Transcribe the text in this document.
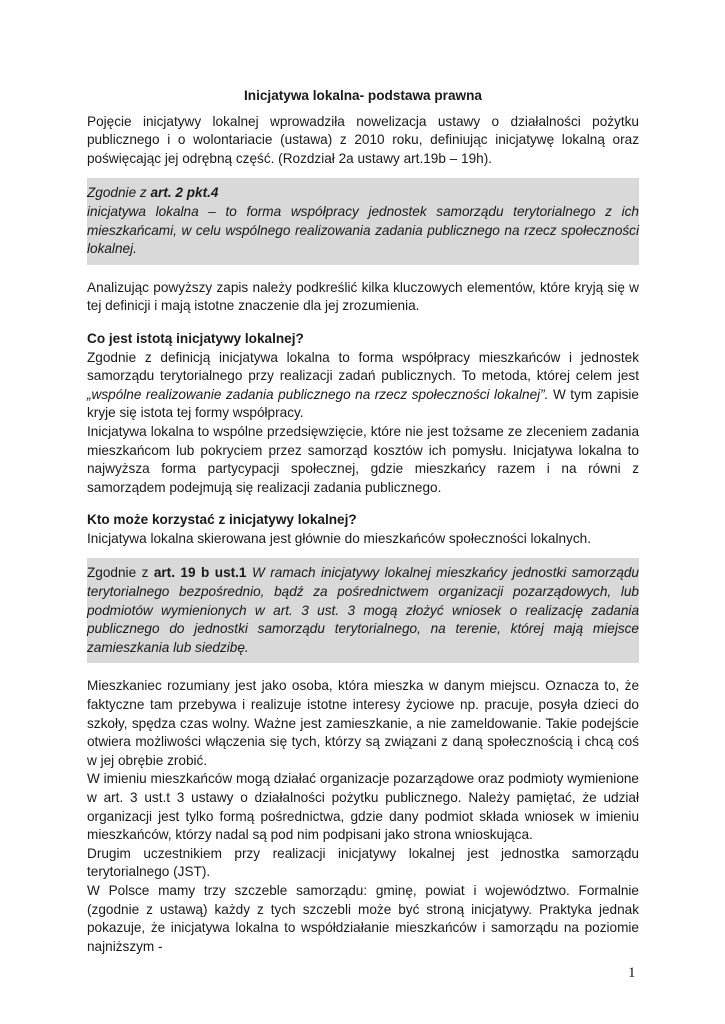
Inicjatywa lokalna- podstawa prawna

Pojęcie inicjatywy lokalnej wprowadziła nowelizacja ustawy o działalności pożytku publicznego i o wolontariacie (ustawa) z 2010 roku, definiując inicjatywę lokalną oraz poświęcając jej odrębną część. (Rozdział 2a ustawy art.19b – 19h).

Zgodnie z art. 2 pkt.4

inicjatywa lokalna – to forma współpracy jednostek samorządu terytorialnego z ich mieszkańcami, w celu wspólnego realizowania zadania publicznego na rzecz społeczności lokalnej.

Analizując powyższy zapis należy podkreślić kilka kluczowych elementów, które kryją się w tej definicji i mają istotne znaczenie dla jej zrozumienia.

Co jest istotą inicjatywy lokalnej?

Zgodnie z definicją inicjatywa lokalna to forma współpracy mieszkańców i jednostek samorządu terytorialnego przy realizacji zadań publicznych. To metoda, której celem jest „wspólne realizowanie zadania publicznego na rzecz społeczności lokalnej”. W tym zapisie kryje się istota tej formy współpracy.

Inicjatywa lokalna to wspólne przedsięwzięcie, które nie jest tożsame ze zleceniem zadania mieszkańcom lub pokryciem przez samorząd kosztów ich pomysłu. Inicjatywa lokalna to najwyższa forma partycypacji społecznej, gdzie mieszkańcy razem i na równi z samorządem podejmują się realizacji zadania publicznego.

Kto może korzystać z inicjatywy lokalnej?

Inicjatywa lokalna skierowana jest głównie do mieszkańców społeczności lokalnych.

Zgodnie z art. 19 b ust.1 W ramach inicjatywy lokalnej mieszkańcy jednostki samorządu terytorialnego bezpośrednio, bądź za pośrednictwem organizacji pozarządowych, lub podmiotów wymienionych w art. 3 ust. 3 mogą złożyć wniosek o realizację zadania publicznego do jednostki samorządu terytorialnego, na terenie, której mają miejsce zamieszkania lub siedzibę.

Mieszkaniec rozumiany jest jako osoba, która mieszka w danym miejscu. Oznacza to, że faktyczne tam przebywa i realizuje istotne interesy życiowe np. pracuje, posyła dzieci do szkoły, spędza czas wolny. Ważne jest zamieszkanie, a nie zameldowanie. Takie podejście otwiera możliwości włączenia się tych, którzy są związani z daną społecznością i chcą coś w jej obrębie zrobić.

W imieniu mieszkańców mogą działać organizacje pozarządowe oraz podmioty wymienione w art. 3 ust.t 3 ustawy o działalności pożytku publicznego. Należy pamiętać, że udział organizacji jest tylko formą pośrednictwa, gdzie dany podmiot składa wniosek w imieniu mieszkańców, którzy nadal są pod nim podpisani jako strona wnioskująca.

Drugim uczestnikiem przy realizacji inicjatywy lokalnej jest jednostka samorządu terytorialnego (JST).

W Polsce mamy trzy szczeble samorządu: gminę, powiat i województwo. Formalnie (zgodnie z ustawą) każdy z tych szczebli może być stroną inicjatywy. Praktyka jednak pokazuje, że inicjatywa lokalna to współdziałanie mieszkańców i samorządu na poziomie najniższym -

1
